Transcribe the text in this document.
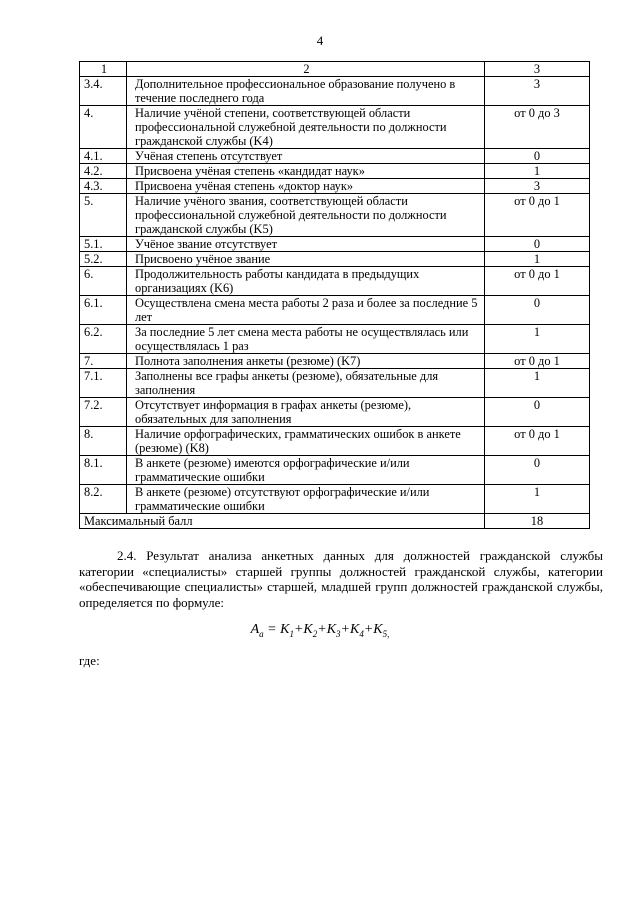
4
1	2	3
3.4.	Дополнительное профессиональное образование получено в течение последнего года	3
4.	Наличие учёной степени, соответствующей области профессиональной служебной деятельности по должности гражданской службы (K4)	от 0 до 3
4.1.	Учёная степень отсутствует	0
4.2.	Присвоена учёная степень «кандидат наук»	1
4.3.	Присвоена учёная степень «доктор наук»	3
5.	Наличие учёного звания, соответствующей области профессиональной служебной деятельности по должности гражданской службы (K5)	от 0 до 1
5.1.	Учёное звание отсутствует	0
5.2.	Присвоено учёное звание	1
6.	Продолжительность работы кандидата в предыдущих организациях (K6)	от 0 до 1
6.1.	Осуществлена смена места работы 2 раза и более за последние 5 лет	0
6.2.	За последние 5 лет смена места работы не осуществлялась или осуществлялась 1 раз	1
7.	Полнота заполнения анкеты (резюме) (K7)	от 0 до 1
7.1.	Заполнены все графы анкеты (резюме), обязательные для заполнения	1
7.2.	Отсутствует информация в графах анкеты (резюме), обязательных для заполнения	0
8.	Наличие орфографических, грамматических ошибок в анкете (резюме) (K8)	от 0 до 1
8.1.	В анкете (резюме) имеются орфографические и/или грамматические ошибки	0
8.2.	В анкете (резюме) отсутствуют орфографические и/или грамматические ошибки	1
Максимальный балл		18
2.4. Результат анализа анкетных данных для должностей гражданской службы категории «специалисты» старшей группы должностей гражданской службы, категории «обеспечивающие специалисты» старшей, младшей групп должностей гражданской службы, определяется по формуле:
$A_a = K_1+K_2+K_3+K_4+K_{5,}$
где:
